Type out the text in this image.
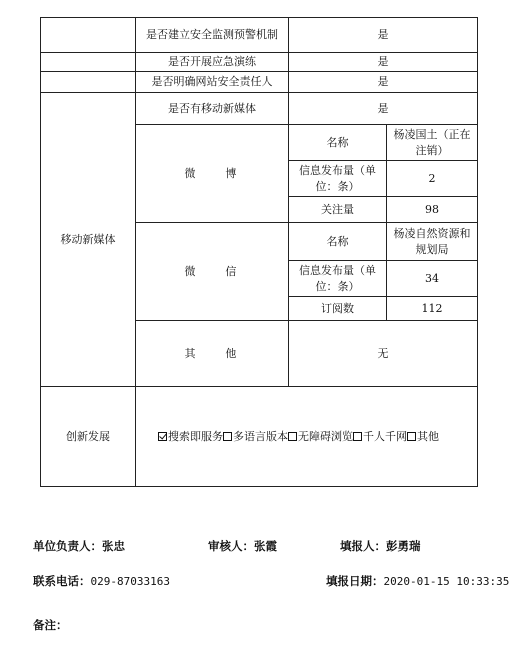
	是否建立安全监测预警机制	是	
	是否开展应急演练	是	
	是否明确网站安全责任人	是	
移动新媒体	是否有移动新媒体	是	
	微 博	名称	杨凌国土（正在注销）
		信息发布量（单位：条）	2
		关注量	98
	微 信	名称	杨凌自然资源和规划局
		信息发布量（单位：条）	34
		订阅数	112
	其 他	无	
创新发展	搜索即服务 多语言版本 无障碍浏览 千人千网 其他		
单位负责人：张忠	审核人：张霞	填报人：彭勇瑞
联系电话：029-87033163	填报日期：2020-01-15 10:33:35
备注：
